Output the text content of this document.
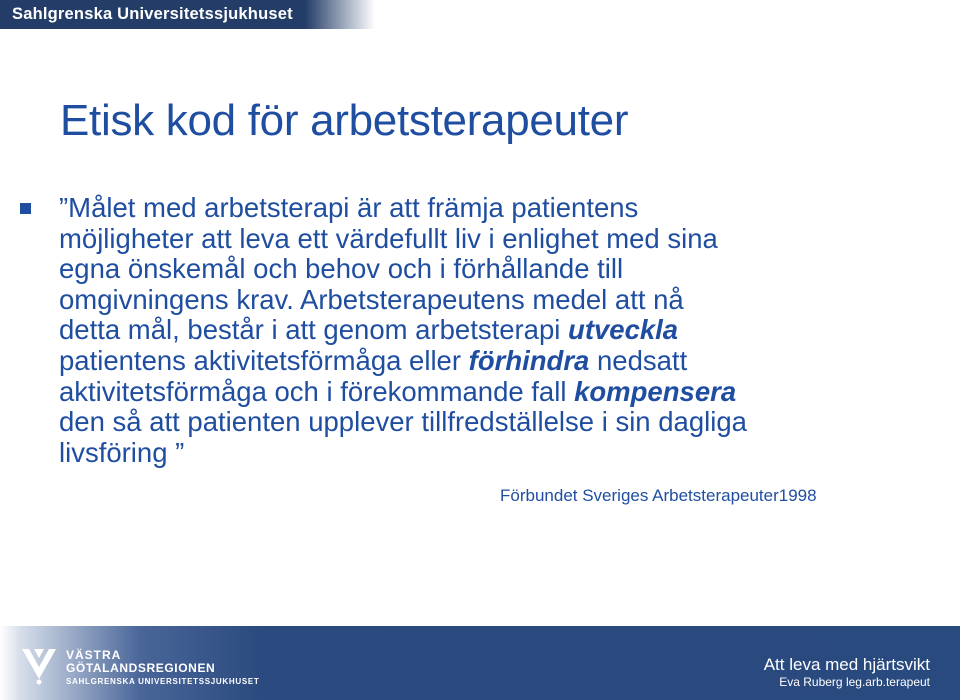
Sahlgrenska Universitetssjukhuset
Etisk kod för arbetsterapeuter
”Målet med arbetsterapi är att främja patientens
möjligheter att leva ett värdefullt liv i enlighet med sina
egna önskemål och behov och i förhållande till
omgivningens krav. Arbetsterapeutens medel att nå
detta mål, består i att genom arbetsterapi utveckla
patientens aktivitetsförmåga eller förhindra nedsatt
aktivitetsförmåga och i förekommande fall kompensera
den så att patienten upplever tillfredställelse i sin dagliga
livsföring ”
Förbundet Sveriges Arbetsterapeuter1998
VÄSTRA
GÖTALANDSREGIONEN
SAHLGRENSKA UNIVERSITETSSJUKHUSET
Att leva med hjärtsvikt
Eva Ruberg leg.arb.terapeut
